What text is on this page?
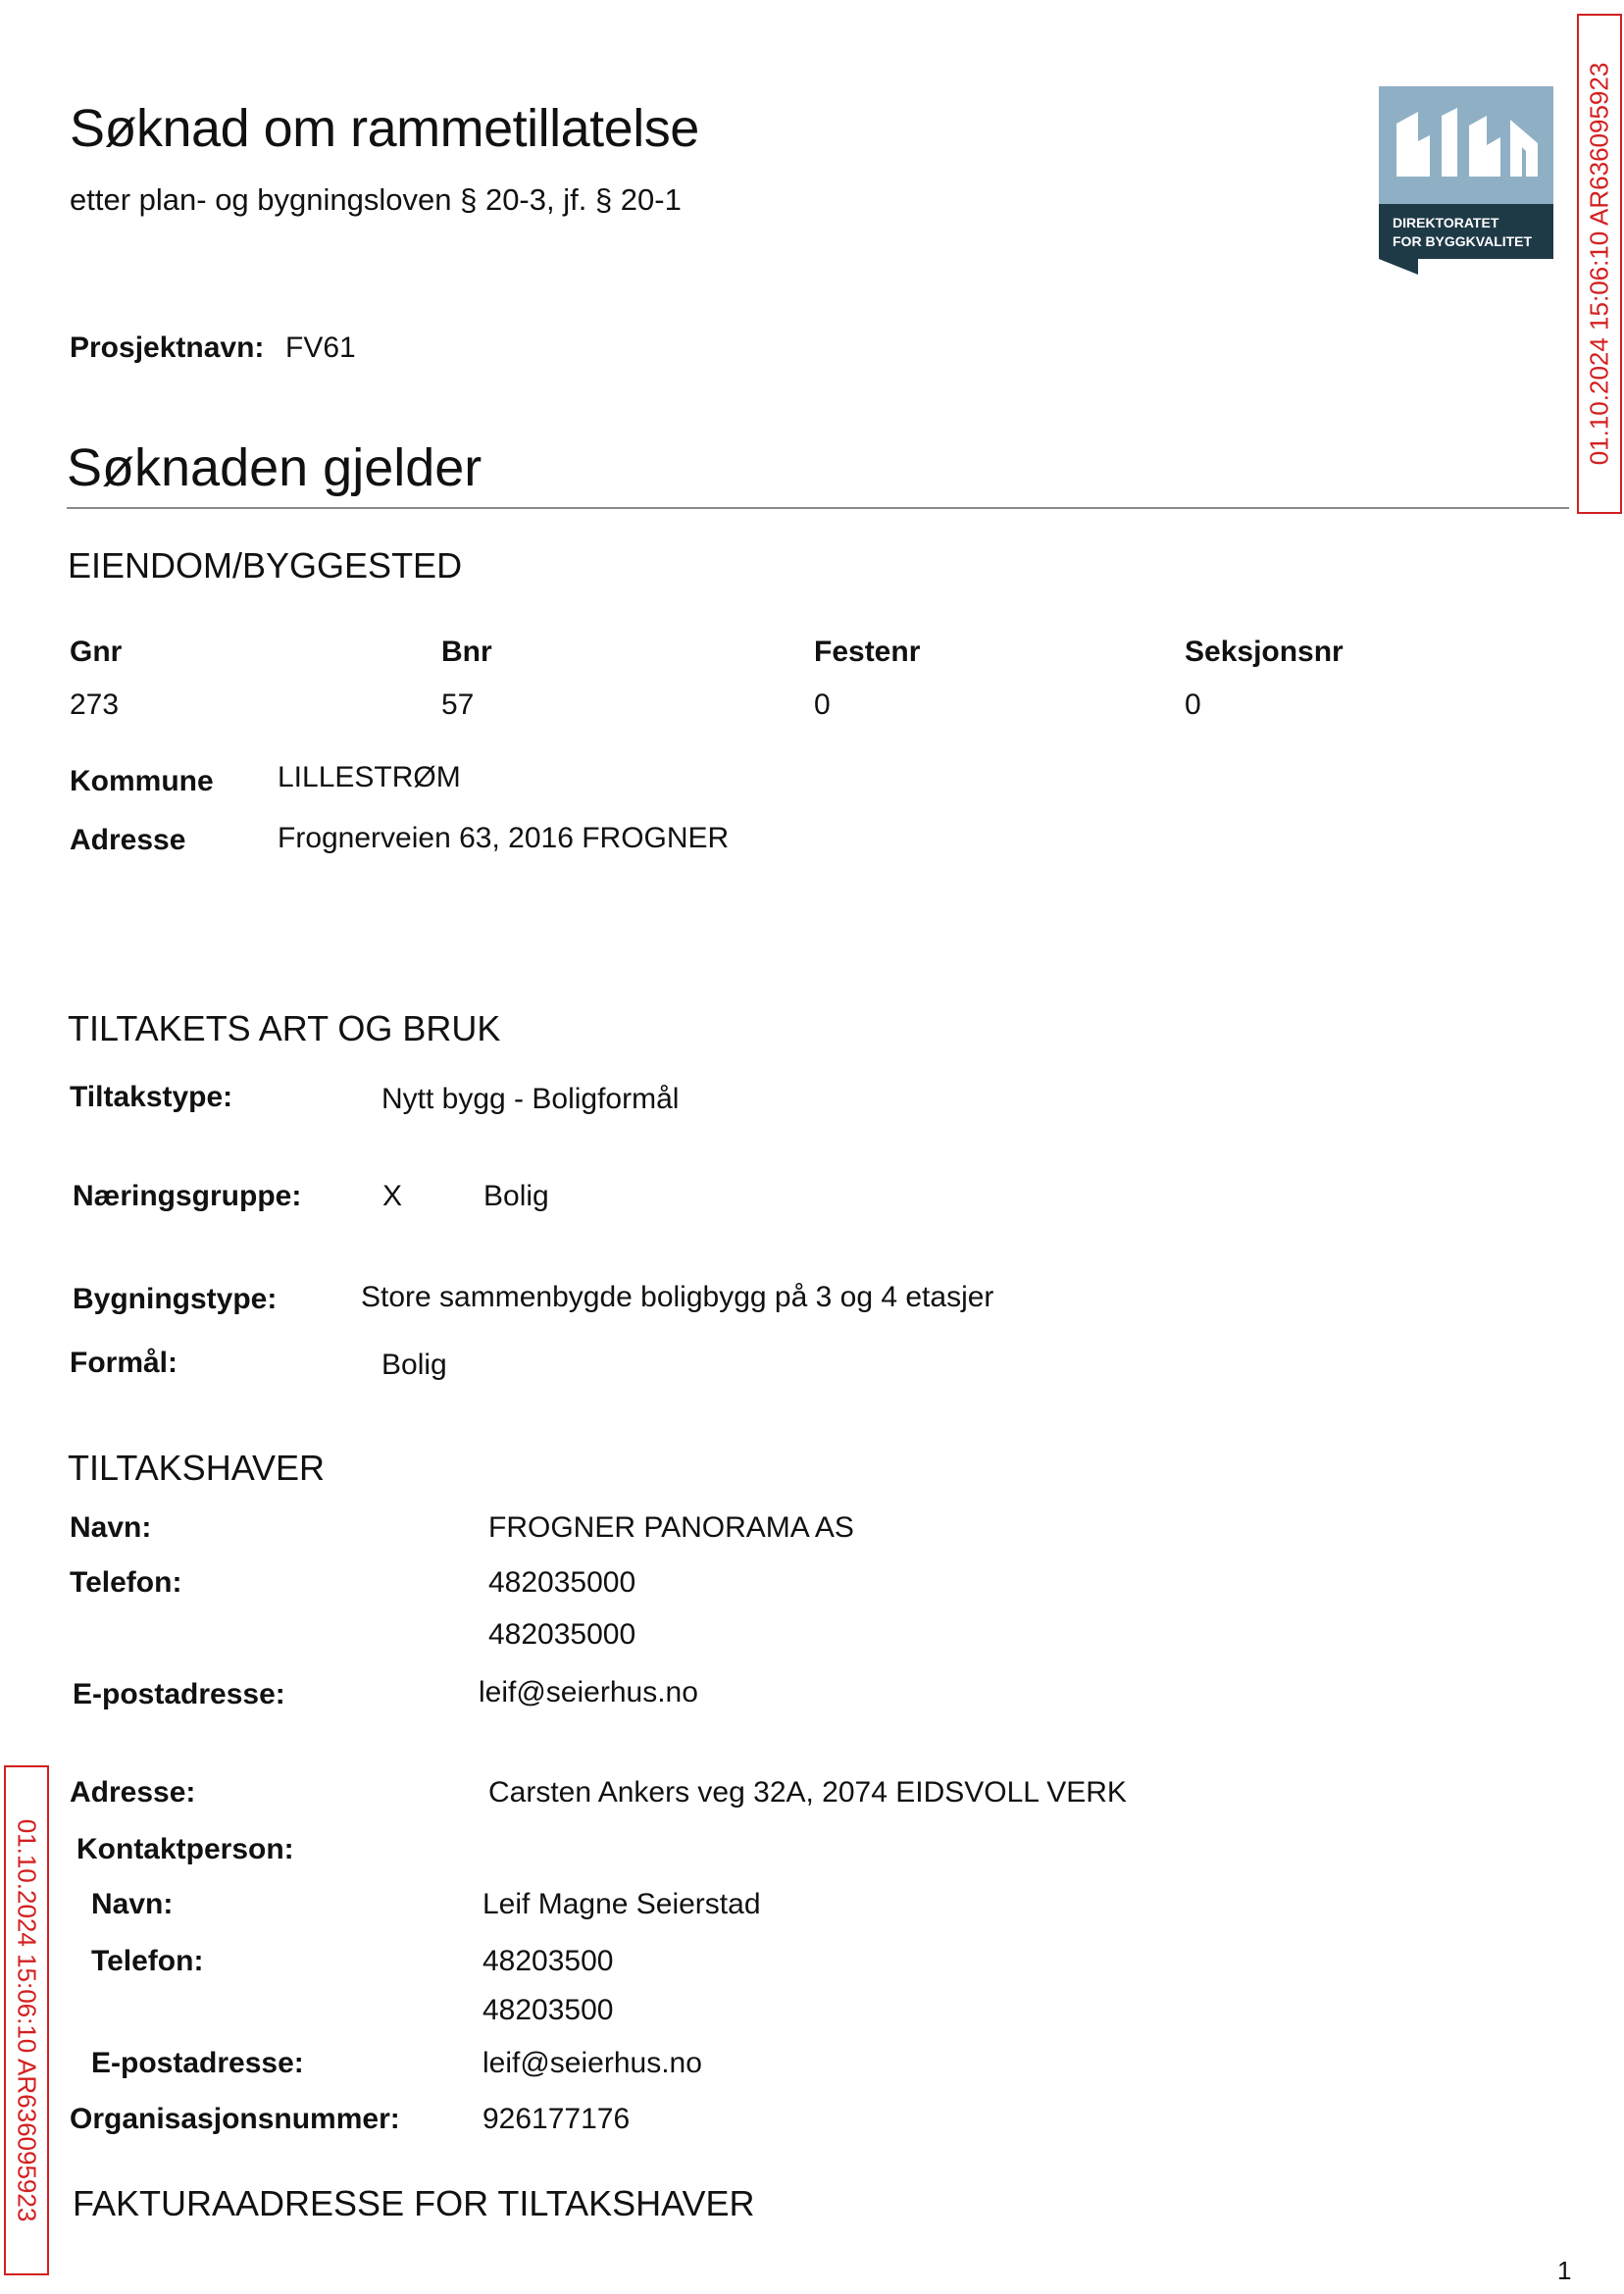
Søknad om rammetillatelse
etter plan- og bygningsloven § 20-3, jf. § 20-1
DIREKTORATET
FOR BYGGKVALITET 01.10.2024 15:06:10 AR636095923
01.10.2024 15:06:10 AR636095923
Prosjektnavn: FV61
Søknaden gjelder
EIENDOM/BYGGESTED
Gnr	Bnr	Festenr	Seksjonsnr
273	57	0	0
Kommune LILLESTRØM
Adresse	Frognerveien 63, 2016 FROGNER
TILTAKETS ART OG BRUK
Tiltakstype:	Nytt bygg - Boligformål
Næringsgruppe:	X	Bolig
Bygningstype:	Store sammenbygde boligbygg på 3 og 4 etasjer
Formål:	Bolig
TILTAKSHAVER
Navn:	FROGNER PANORAMA AS
Telefon:	482035000
482035000
E-postadresse:	leif@seierhus.no
Adresse:	Carsten Ankers veg 32A, 2074 EIDSVOLL VERK
Kontaktperson:
Navn:	Leif Magne Seierstad
Telefon:	48203500
48203500
E-postadresse:	leif@seierhus.no
Organisasjonsnummer:	926177176
FAKTURAADRESSE FOR TILTAKSHAVER
1
